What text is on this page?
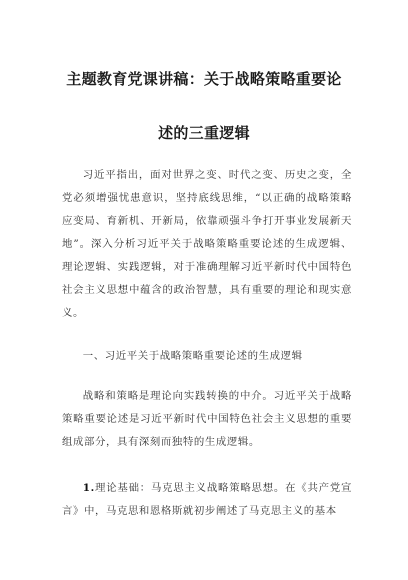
主题教育党课讲稿：关于战略策略重要论
述的三重逻辑
习近平指出，面对世界之变、时代之变、历史之变，全党必须增强忧患意识，坚持底线思维，“以正确的战略策略应变局、育新机、开新局，依靠顽强斗争打开事业发展新天地”。深入分析习近平关于战略策略重要论述的生成逻辑、理论逻辑、实践逻辑，对于准确理解习近平新时代中国特色社会主义思想中蕴含的政治智慧，具有重要的理论和现实意义。
一、习近平关于战略策略重要论述的生成逻辑
战略和策略是理论向实践转换的中介。习近平关于战略策略重要论述是习近平新时代中国特色社会主义思想的重要组成部分，具有深刻而独特的生成逻辑。
1.理论基础：马克思主义战略策略思想。在《共产党宣言》中，马克思和恩格斯就初步阐述了马克思主义的基本
